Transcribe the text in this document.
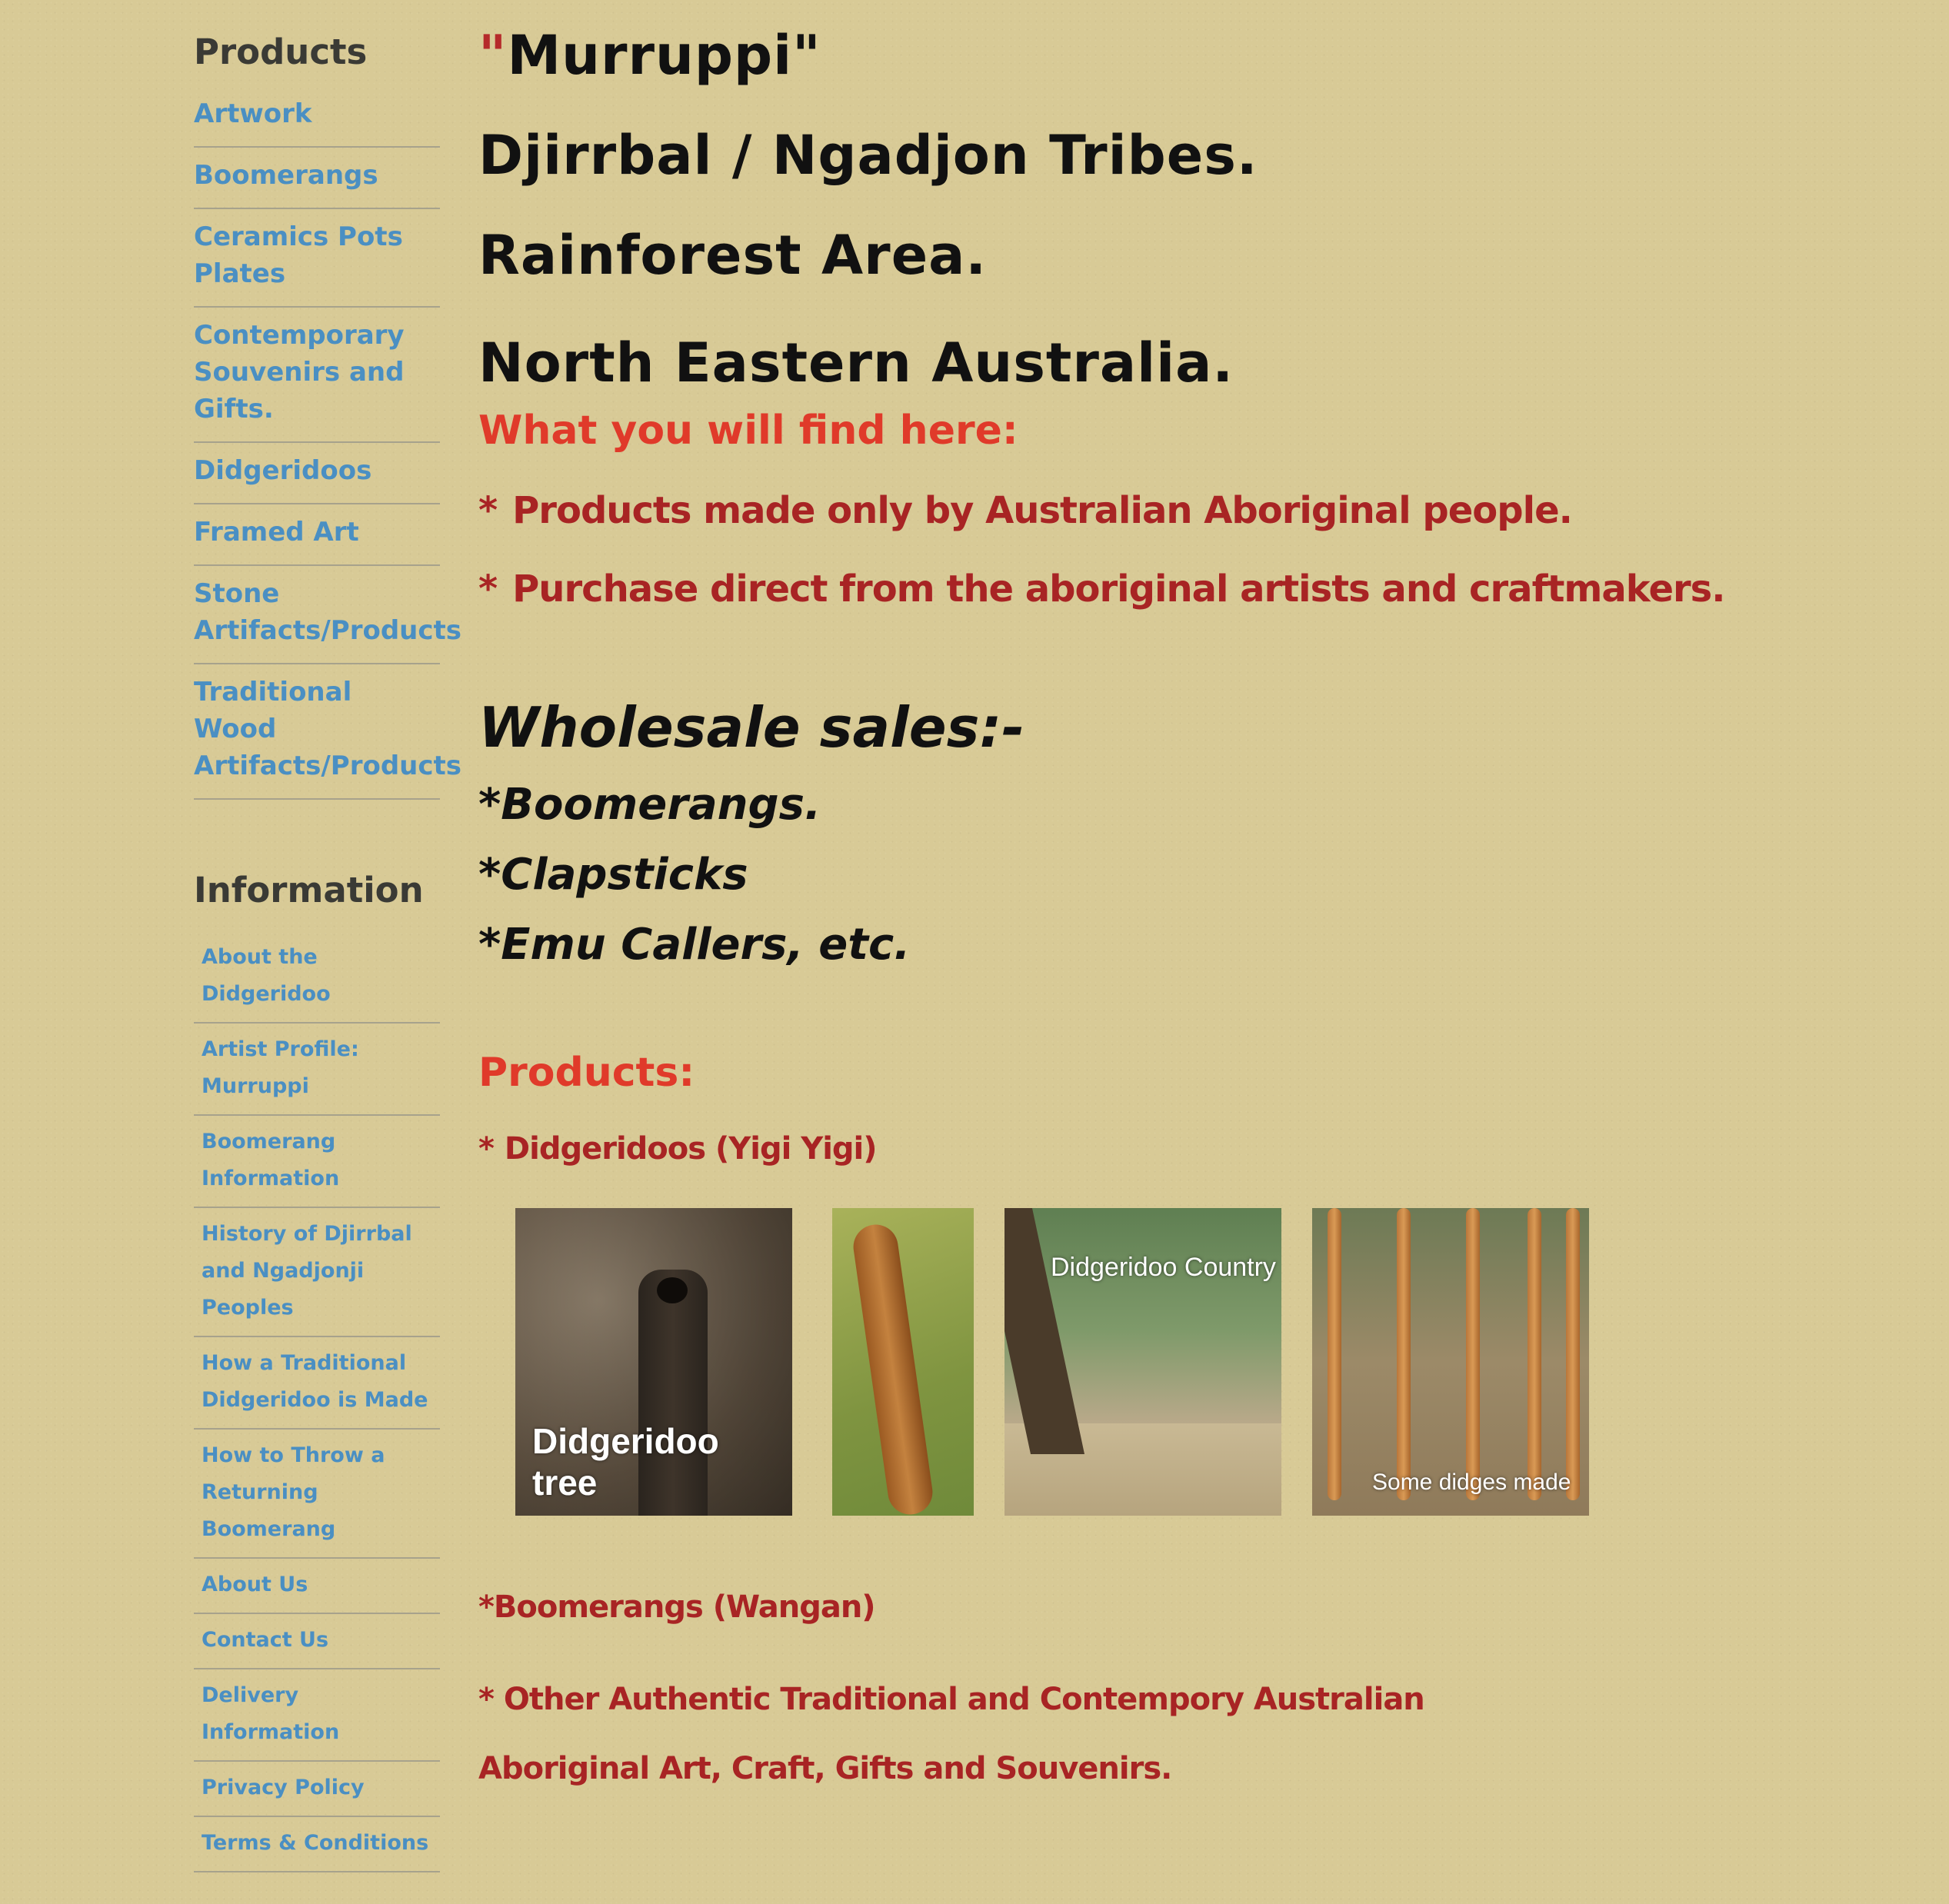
Products
Artwork
Boomerangs
Ceramics Pots Plates
Contemporary Souvenirs and Gifts.
Didgeridoos
Framed Art
Stone Artifacts/Products
Traditional Wood Artifacts/Products
Information
About the Didgeridoo
Artist Profile: Murruppi
Boomerang Information
History of Djirrbal and Ngadjonji Peoples
How a Traditional Didgeridoo is Made
How to Throw a Returning Boomerang
About Us
Contact Us
Delivery Information
Privacy Policy
Terms & Conditions
"Murruppi"
Djirrbal / Ngadjon Tribes.
Rainforest Area.
North Eastern Australia.
What you will find here:

* Products made only by Australian Aboriginal people.

* Purchase direct from the aboriginal artists and craftmakers.

Wholesale sales:-

*Boomerangs.

*Clapsticks

*Emu Callers, etc.

Products:

* Didgeridoos (Yigi Yigi)

Didgeridoo tree
Didgeridoo Country
Some didges made

*Boomerangs (Wangan)

* Other Authentic Traditional and Contempory Australian Aboriginal Art, Craft, Gifts and Souvenirs.
